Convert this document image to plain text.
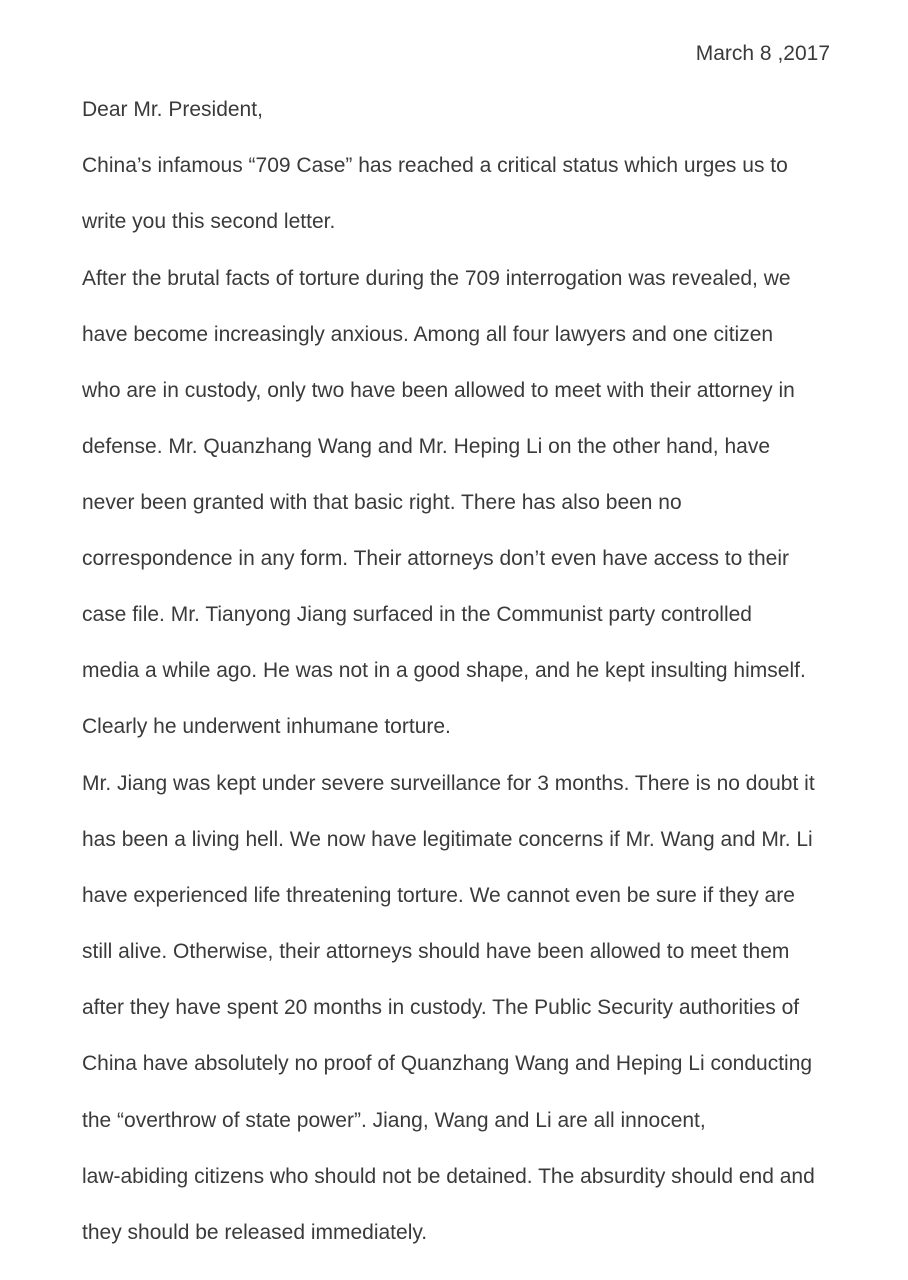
March 8 ,2017
Dear Mr. President,
China’s infamous “709 Case” has reached a critical status which urges us to
write you this second letter.
After the brutal facts of torture during the 709 interrogation was revealed, we
have become increasingly anxious. Among all four lawyers and one citizen
who are in custody, only two have been allowed to meet with their attorney in
defense. Mr. Quanzhang Wang and Mr. Heping Li on the other hand, have
never been granted with that basic right. There has also been no
correspondence in any form. Their attorneys don’t even have access to their
case file. Mr. Tianyong Jiang surfaced in the Communist party controlled
media a while ago. He was not in a good shape, and he kept insulting himself.
Clearly he underwent inhumane torture.
Mr. Jiang was kept under severe surveillance for 3 months. There is no doubt it
has been a living hell. We now have legitimate concerns if Mr. Wang and Mr. Li
have experienced life threatening torture. We cannot even be sure if they are
still alive. Otherwise, their attorneys should have been allowed to meet them
after they have spent 20 months in custody. The Public Security authorities of
China have absolutely no proof of Quanzhang Wang and Heping Li conducting
the “overthrow of state power”. Jiang, Wang and Li are all innocent,
law-abiding citizens who should not be detained. The absurdity should end and
they should be released immediately.
